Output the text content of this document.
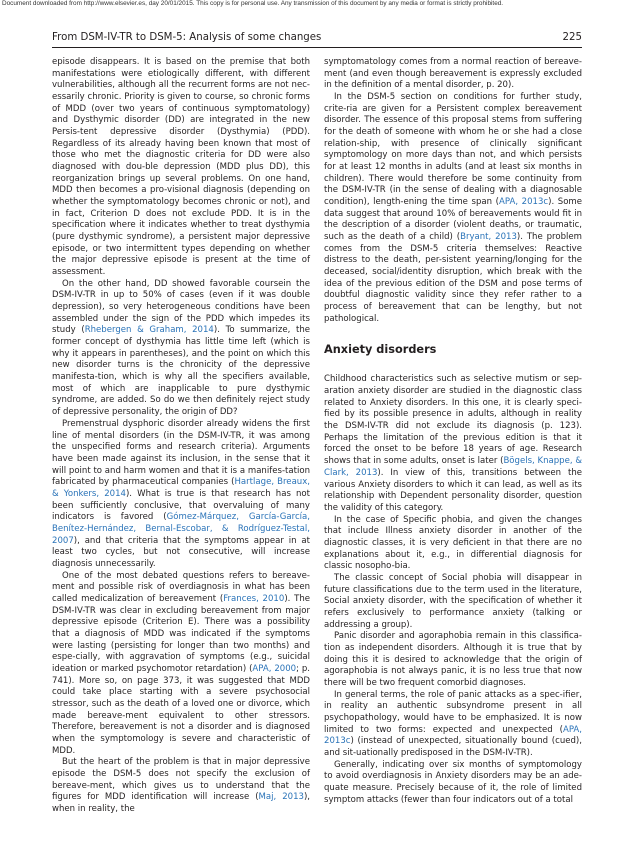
Document downloaded from http://www.elsevier.es, day 20/01/2015. This copy is for personal use. Any transmission of this document by any media or format is strictly prohibited.
From DSM-IV-TR to DSM-5: Analysis of some changes	225

episode disappears. It is based on the premise that both manifestations were etiologically different, with different vulnerabilities, although all the recurrent forms are not nec-essarily chronic. Priority is given to course, so chronic forms of MDD (over two years of continuous symptomatology) and Dysthymic disorder (DD) are integrated in the new Persis-tent depressive disorder (Dysthymia) (PDD). Regardless of its already having been known that most of those who met the diagnostic criteria for DD were also diagnosed with dou-ble depression (MDD plus DD), this reorganization brings up several problems. On one hand, MDD then becomes a pro-visional diagnosis (depending on whether the symptomatology becomes chronic or not), and in fact, Criterion D does not exclude PDD. It is in the specification where it indicates whether to treat dysthymia (pure dysthymic syndrome), a persistent major depressive episode, or two intermittent types depending on whether the major depressive episode is present at the time of assessment.

On the other hand, DD showed favorable coursein the DSM-IV-TR in up to 50% of cases (even if it was double depression), so very heterogeneous conditions have been assembled under the sign of the PDD which impedes its study (Rhebergen & Graham, 2014). To summarize, the former concept of dysthymia has little time left (which is why it appears in parentheses), and the point on which this new disorder turns is the chronicity of the depressive manifesta-tion, which is why all the specifiers available, most of which are inapplicable to pure dysthymic syndrome, are added. So do we then definitely reject study of depressive personality, the origin of DD?

Premenstrual dysphoric disorder already widens the first line of mental disorders (in the DSM-IV-TR, it was among the unspecified forms and research criteria). Arguments have been made against its inclusion, in the sense that it will point to and harm women and that it is a manifes-tation fabricated by pharmaceutical companies (Hartlage, Breaux, & Yonkers, 2014). What is true is that research has not been sufficiently conclusive, that overvaluing of many indicators is favored (Gómez-Márquez, García-García, Benítez-Hernández, Bernal-Escobar, & Rodríguez-Testal, 2007), and that criteria that the symptoms appear in at least two cycles, but not consecutive, will increase diagnosis unnecessarily.

One of the most debated questions refers to bereave-ment and possible risk of overdiagnosis in what has been called medicalization of bereavement (Frances, 2010). The DSM-IV-TR was clear in excluding bereavement from major depressive episode (Criterion E). There was a possibility that a diagnosis of MDD was indicated if the symptoms were lasting (persisting for longer than two months) and espe-cially, with aggravation of symptoms (e.g., suicidal ideation or marked psychomotor retardation) (APA, 2000; p. 741). More so, on page 373, it was suggested that MDD could take place starting with a severe psychosocial stressor, such as the death of a loved one or divorce, which made bereave-ment equivalent to other stressors. Therefore, bereavement is not a disorder and is diagnosed when the symptomology is severe and characteristic of MDD.

But the heart of the problem is that in major depressive episode the DSM-5 does not specify the exclusion of bereave-ment, which gives us to understand that the figures for MDD identification will increase (Maj, 2013), when in reality, the

symptomatology comes from a normal reaction of bereave-ment (and even though bereavement is expressly excluded in the definition of a mental disorder, p. 20).

In the DSM-5 section on conditions for further study, crite-ria are given for a Persistent complex bereavement disorder. The essence of this proposal stems from suffering for the death of someone with whom he or she had a close relation-ship, with presence of clinically significant symptomology on more days than not, and which persists for at least 12 months in adults (and at least six months in children). There would therefore be some continuity from the DSM-IV-TR (in the sense of dealing with a diagnosable condition), length-ening the time span (APA, 2013c). Some data suggest that around 10% of bereavements would fit in the description of a disorder (violent deaths, or traumatic, such as the death of a child) (Bryant, 2013). The problem comes from the DSM-5 criteria themselves: Reactive distress to the death, per-sistent yearning/longing for the deceased, social/identity disruption, which break with the idea of the previous edition of the DSM and pose terms of doubtful diagnostic validity since they refer rather to a process of bereavement that can be lengthy, but not pathological.

Anxiety disorders

Childhood characteristics such as selective mutism or sep-aration anxiety disorder are studied in the diagnostic class related to Anxiety disorders. In this one, it is clearly speci-fied by its possible presence in adults, although in reality the DSM-IV-TR did not exclude its diagnosis (p. 123). Perhaps the limitation of the previous edition is that it forced the onset to be before 18 years of age. Research shows that in some adults, onset is later (Bögels, Knappe, & Clark, 2013). In view of this, transitions between the various Anxiety disorders to which it can lead, as well as its relationship with Dependent personality disorder, question the validity of this category.

In the case of Specific phobia, and given the changes that include Illness anxiety disorder in another of the diagnostic classes, it is very deficient in that there are no explanations about it, e.g., in differential diagnosis for classic nosopho-bia.

The classic concept of Social phobia will disappear in future classifications due to the term used in the literature, Social anxiety disorder, with the specification of whether it refers exclusively to performance anxiety (talking or addressing a group).

Panic disorder and agoraphobia remain in this classifica-tion as independent disorders. Although it is true that by doing this it is desired to acknowledge that the origin of agoraphobia is not always panic, it is no less true that now there will be two frequent comorbid diagnoses.

In general terms, the role of panic attacks as a spec-ifier, in reality an authentic subsyndrome present in all psychopathology, would have to be emphasized. It is now limited to two forms: expected and unexpected (APA, 2013c) (instead of unexpected, situationally bound (cued), and sit-uationally predisposed in the DSM-IV-TR).

Generally, indicating over six months of symptomology to avoid overdiagnosis in Anxiety disorders may be an ade-quate measure. Precisely because of it, the role of limited symptom attacks (fewer than four indicators out of a total
